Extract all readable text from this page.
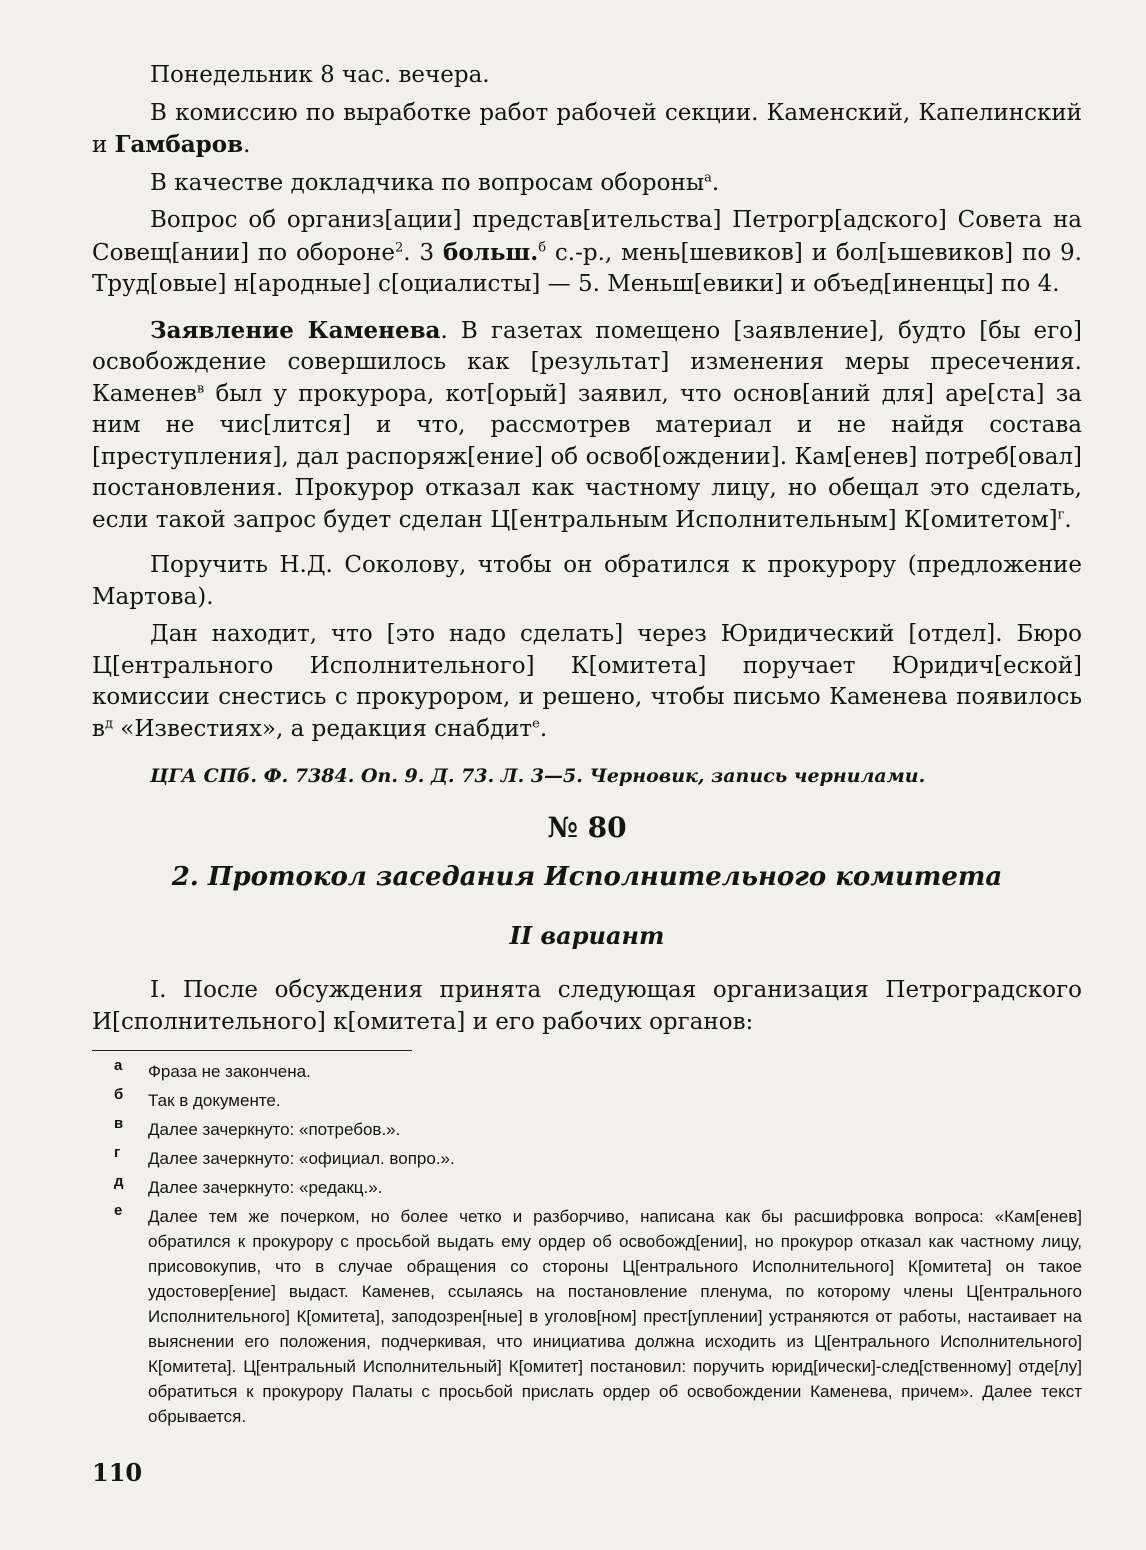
Понедельник 8 час. вечера.

В комиссию по выработке работ рабочей секции. Каменский, Капелинский и Гамбаров.

В качестве докладчика по вопросам обороны$^а$.

Вопрос об организ[ации] представ[ительства] Петрогр[адского] Совета на Совещ[ании] по обороне$^2$. 3 больш.$^б$ с.-р., мень[шевиков] и бол[ьшевиков] по 9. Труд[овые] н[ародные] с[оциалисты] — 5. Меньш[евики] и объед[иненцы] по 4.

Заявление Каменева. В газетах помещено [заявление], будто [бы его] освобождение совершилось как [результат] изменения меры пресечения. Каменев$^в$ был у прокурора, кот[орый] заявил, что основ[аний для] аре[ста] за ним не чис[лится] и что, рассмотрев материал и не найдя состава [преступления], дал распоряж[ение] об освоб[ождении]. Кам[енев] потреб[овал] постановления. Прокурор отказал как частному лицу, но обещал это сделать, если такой запрос будет сделан Ц[ентральным Исполнительным] К[омитетом]$^г$.

Поручить Н.Д. Соколову, чтобы он обратился к прокурору (предложение Мартова).

Дан находит, что [это надо сделать] через Юридический [отдел]. Бюро Ц[ентрального Исполнительного] К[омитета] поручает Юридич[еской] комиссии снестись с прокурором, и решено, чтобы письмо Каменева появилось $в^д$ «Известиях», а редакция снабдит$^е$.

ЦГА СПб. Ф. 7384. Оп. 9. Д. 73. Л. 3—5. Черновик, запись чернилами.
№ 80
2. Протокол заседания Исполнительного комитета
II вариант

I. После обсуждения принята следующая организация Петроградского И[сполнительного] к[омитета] и его рабочих органов:

а	Фраза не закончена.
б	Так в документе.
в	Далее зачеркнуто: «потребов.».
г	Далее зачеркнуто: «официал. вопро.».
д	Далее зачеркнуто: «редакц.».
е	Далее тем же почерком, но более четко и разборчиво, написана как бы расшифровка вопроса: «Кам[енев] обратился к прокурору с просьбой выдать ему ордер об освобожд[ении], но прокурор отказал как частному лицу, присовокупив, что в случае обращения со стороны Ц[ентрального Исполнительного] К[омитета] он такое удостовер[ение] выдаст. Каменев, ссылаясь на постановление пленума, по которому члены Ц[ентрального Исполнительного] К[омитета], заподозрен[ные] в уголов[ном] прест[уплении] устраняются от работы, настаивает на выяснении его положения, подчеркивая, что инициатива должна исходить из Ц[ентрального Исполнительного] К[омитета]. Ц[ентральный Исполнительный] К[омитет] постановил: поручить юрид[ически]-след[ственному] отде[лу] обратиться к прокурору Палаты с просьбой прислать ордер об освобождении Каменева, причем». Далее текст обрывается.
110
